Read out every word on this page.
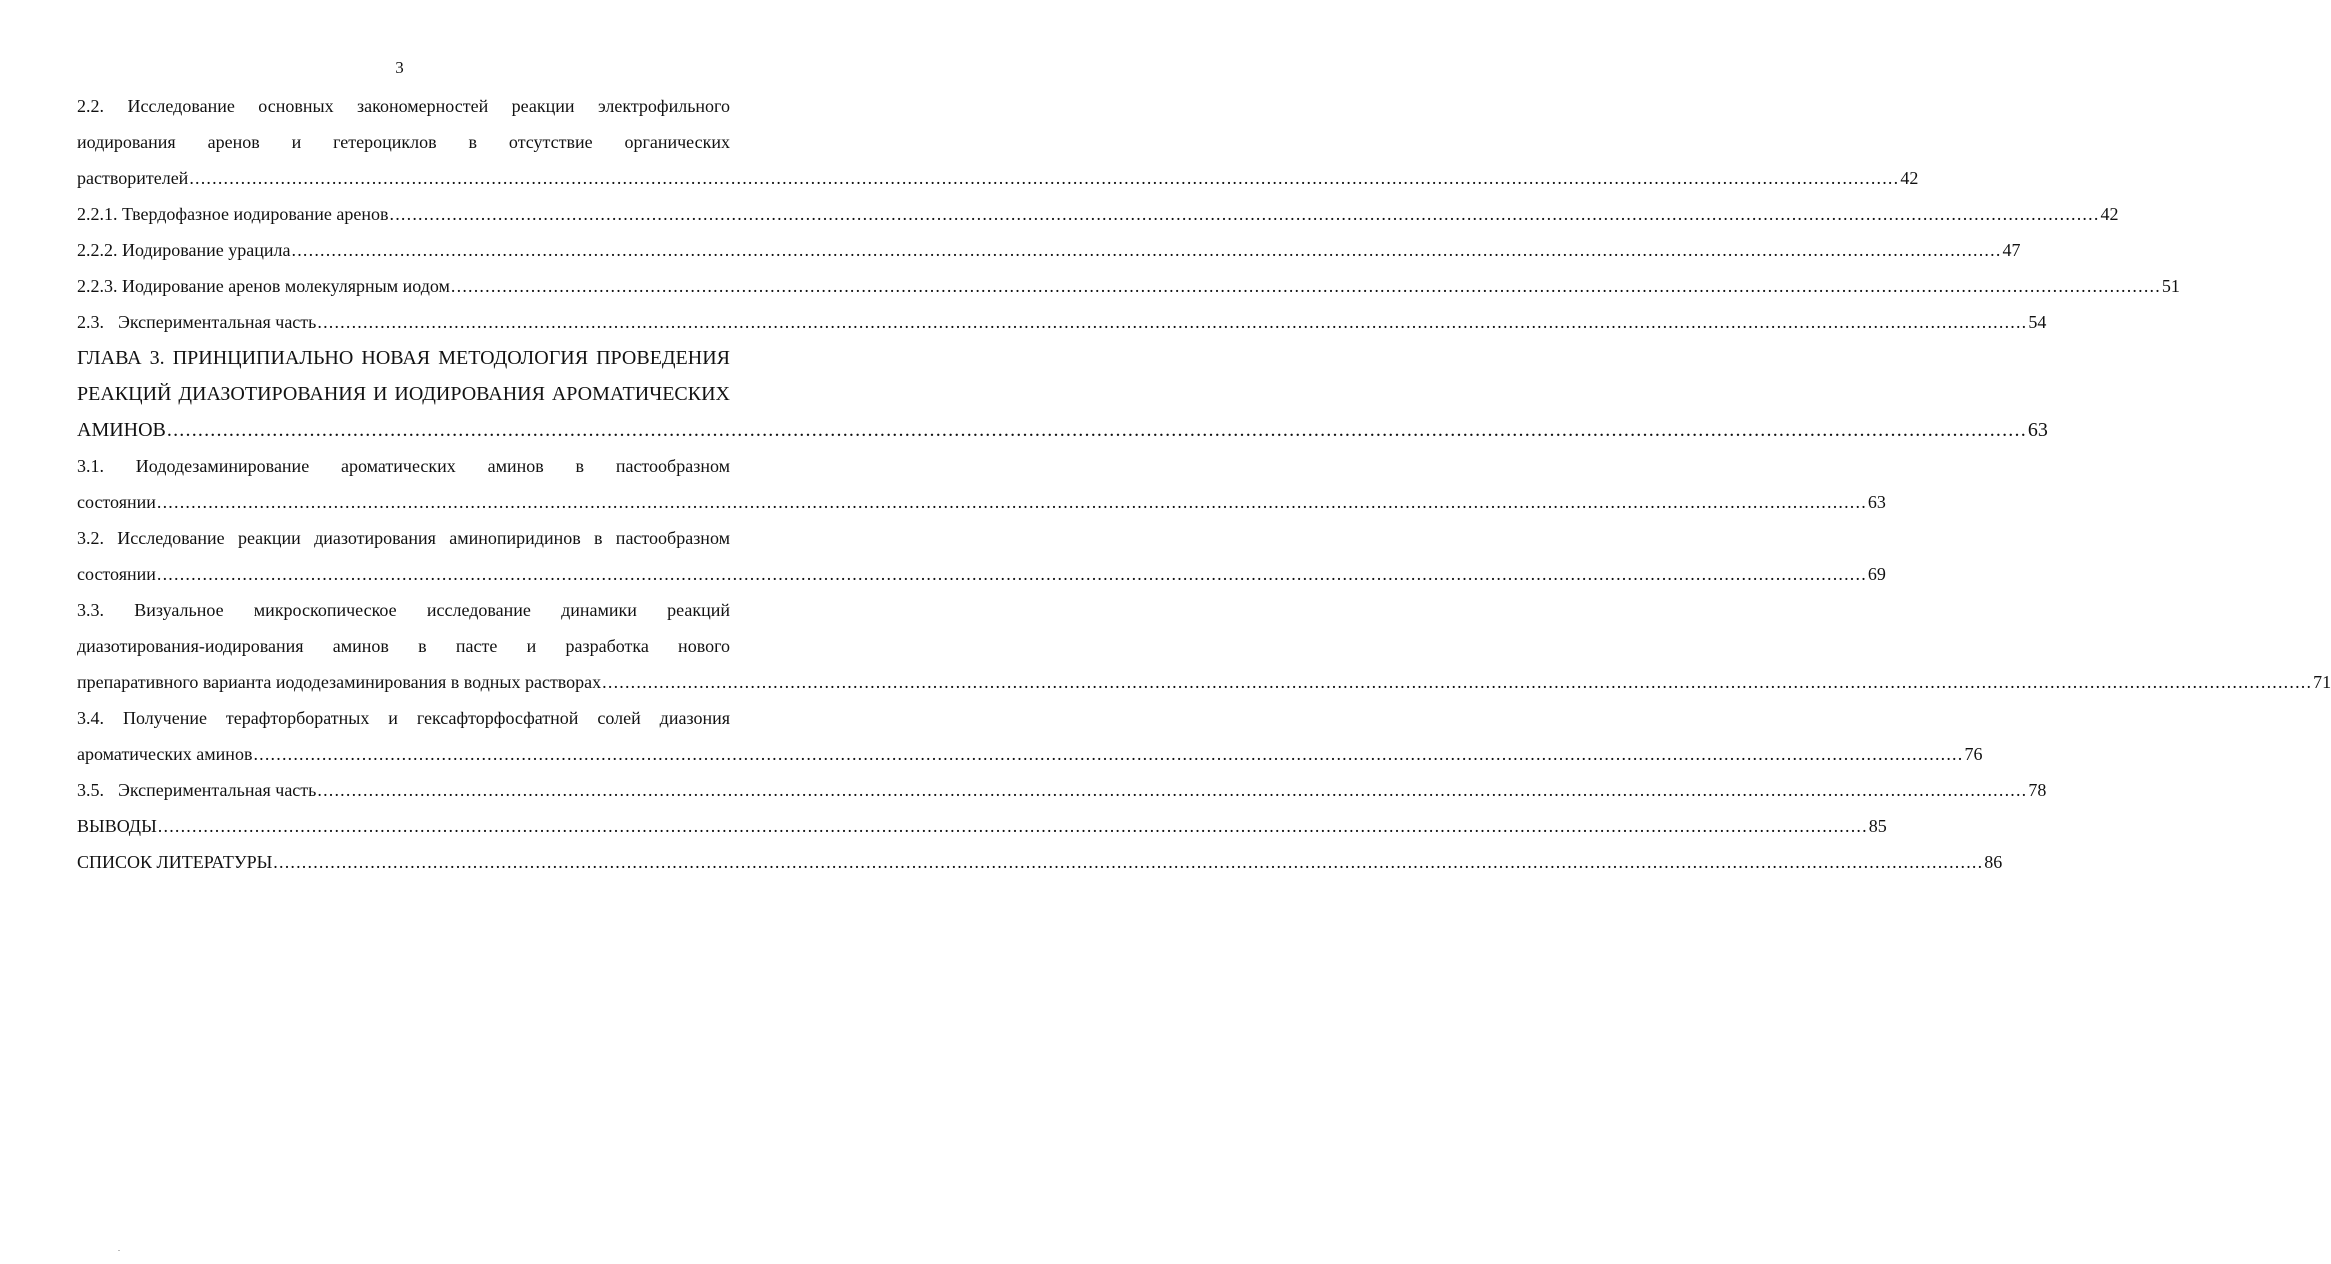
3
2.2. Исследование основных закономерностей реакции электрофильного
иодирования аренов и гетероциклов в отсутствие органических
растворителей ............................................................................................................................................................................................................................................................................................................ 42
2.2.1. Твердофазное иодирование аренов ............................................................................................................................................................................................................................................................................................................ 42
2.2.2. Иодирование урацила ............................................................................................................................................................................................................................................................................................................ 47
2.2.3. Иодирование аренов молекулярным иодом ............................................................................................................................................................................................................................................................................................................ 51
2.3. Экспериментальная часть ............................................................................................................................................................................................................................................................................................................ 54
ГЛАВА 3. ПРИНЦИПИАЛЬНО НОВАЯ МЕТОДОЛОГИЯ ПРОВЕДЕНИЯ
РЕАКЦИЙ ДИАЗОТИРОВАНИЯ И ИОДИРОВАНИЯ АРОМАТИЧЕСКИХ
АМИНОВ ............................................................................................................................................................................................................................................................................................................ 63
3.1. Иододезаминирование ароматических аминов в пастообразном
состоянии ............................................................................................................................................................................................................................................................................................................ 63
3.2. Исследование реакции диазотирования аминопиридинов в пастообразном
состоянии ............................................................................................................................................................................................................................................................................................................ 69
3.3. Визуальное микроскопическое исследование динамики реакций
диазотирования-иодирования аминов в пасте и разработка нового
препаративного варианта иододезаминирования в водных растворах ............................................................................................................................................................................................................................................................................................................ 71
3.4. Получение терафторборатных и гексафторфосфатной солей диазония
ароматических аминов ............................................................................................................................................................................................................................................................................................................ 76
3.5. Экспериментальная часть ............................................................................................................................................................................................................................................................................................................ 78
ВЫВОДЫ ............................................................................................................................................................................................................................................................................................................ 85
СПИСОК ЛИТЕРАТУРЫ ............................................................................................................................................................................................................................................................................................................ 86
